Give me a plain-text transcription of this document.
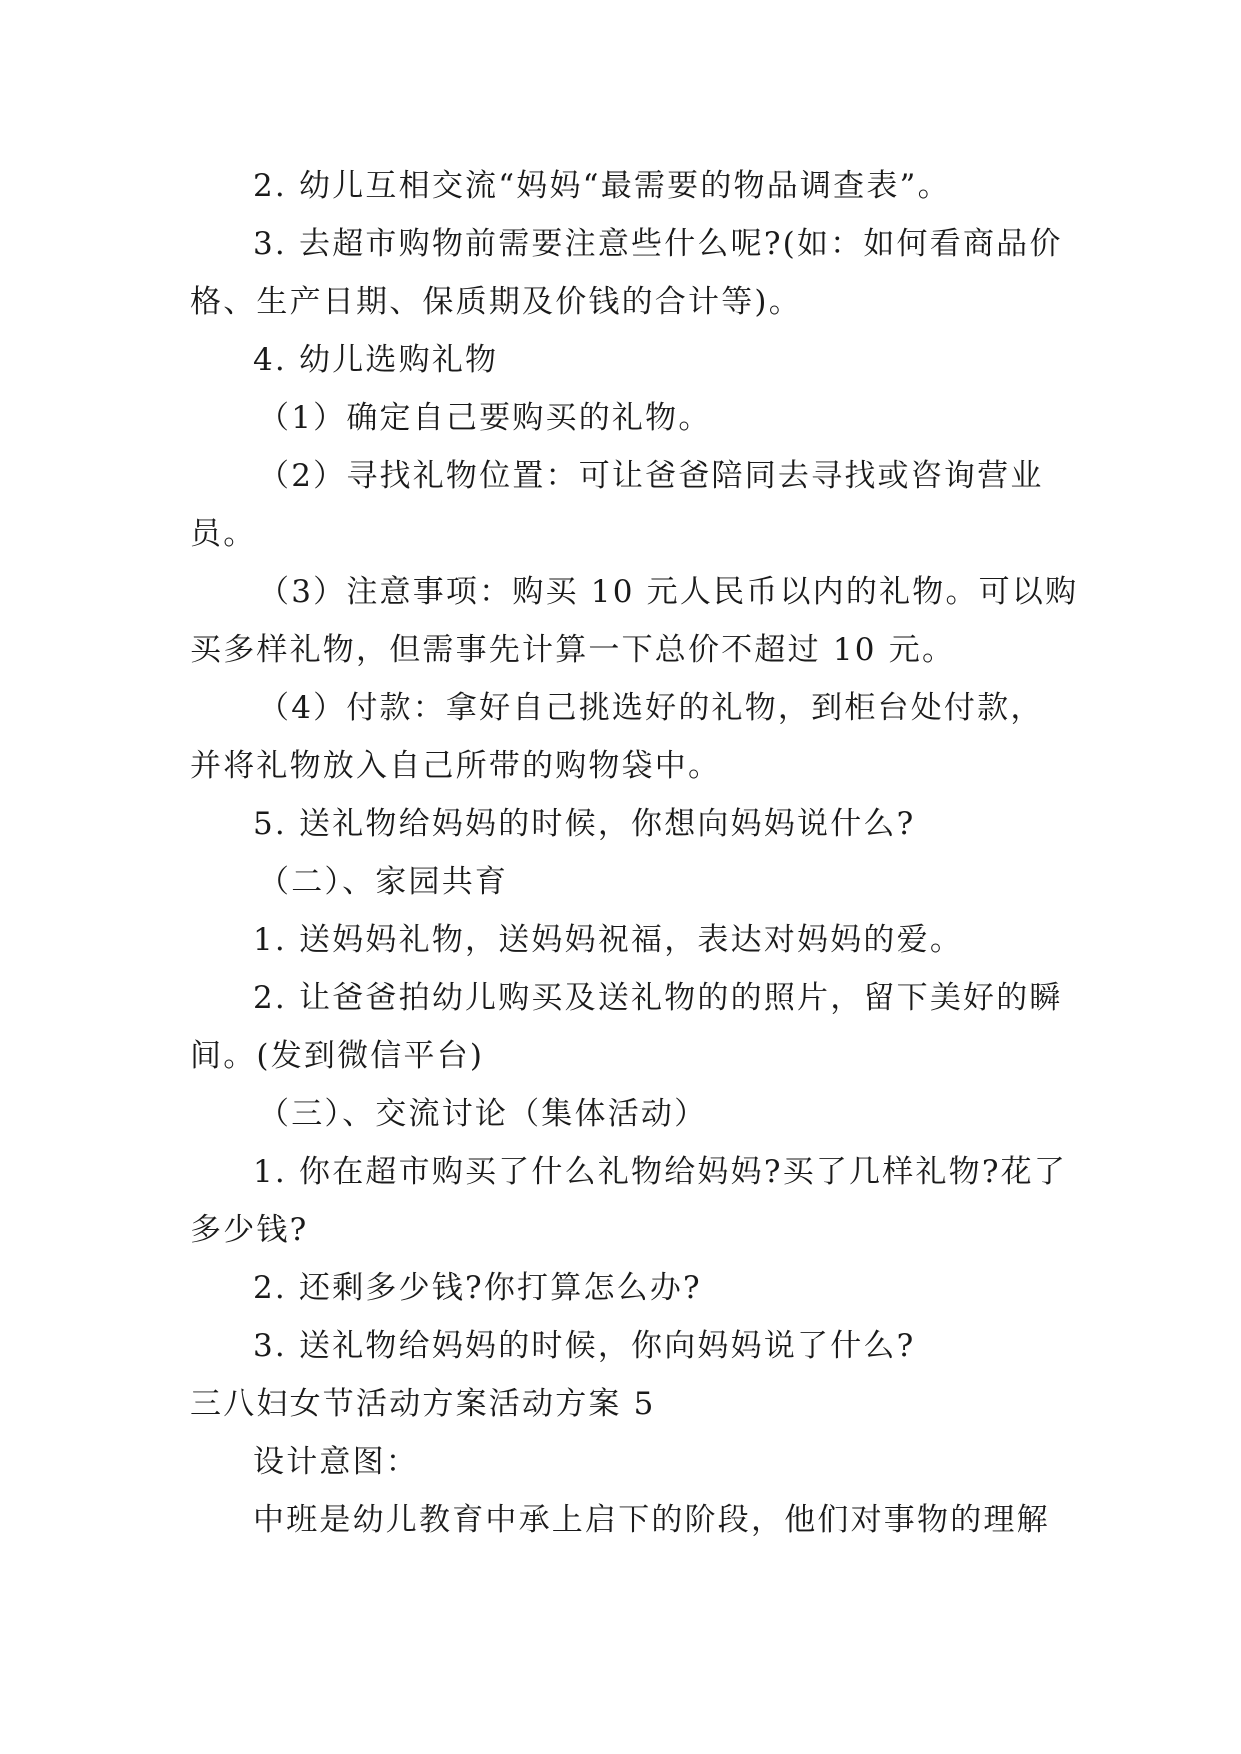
2. 幼儿互相交流“妈妈“最需要的物品调查表”。
3. 去超市购物前需要注意些什么呢?(如：如何看商品价
格、生产日期、保质期及价钱的合计等)。
4. 幼儿选购礼物
（1）确定自己要购买的礼物。
（2）寻找礼物位置：可让爸爸陪同去寻找或咨询营业
员。
（3）注意事项：购买 10 元人民币以内的礼物。可以购
买多样礼物，但需事先计算一下总价不超过 10 元。
（4）付款：拿好自己挑选好的礼物，到柜台处付款，
并将礼物放入自己所带的购物袋中。
5. 送礼物给妈妈的时候，你想向妈妈说什么?
（二）、家园共育
1. 送妈妈礼物，送妈妈祝福，表达对妈妈的爱。
2. 让爸爸拍幼儿购买及送礼物的的照片，留下美好的瞬
间。(发到微信平台)
（三）、交流讨论（集体活动）
1. 你在超市购买了什么礼物给妈妈?买了几样礼物?花了
多少钱?
2. 还剩多少钱?你打算怎么办?
3. 送礼物给妈妈的时候，你向妈妈说了什么?
三八妇女节活动方案活动方案 5
设计意图：
中班是幼儿教育中承上启下的阶段，他们对事物的理解
